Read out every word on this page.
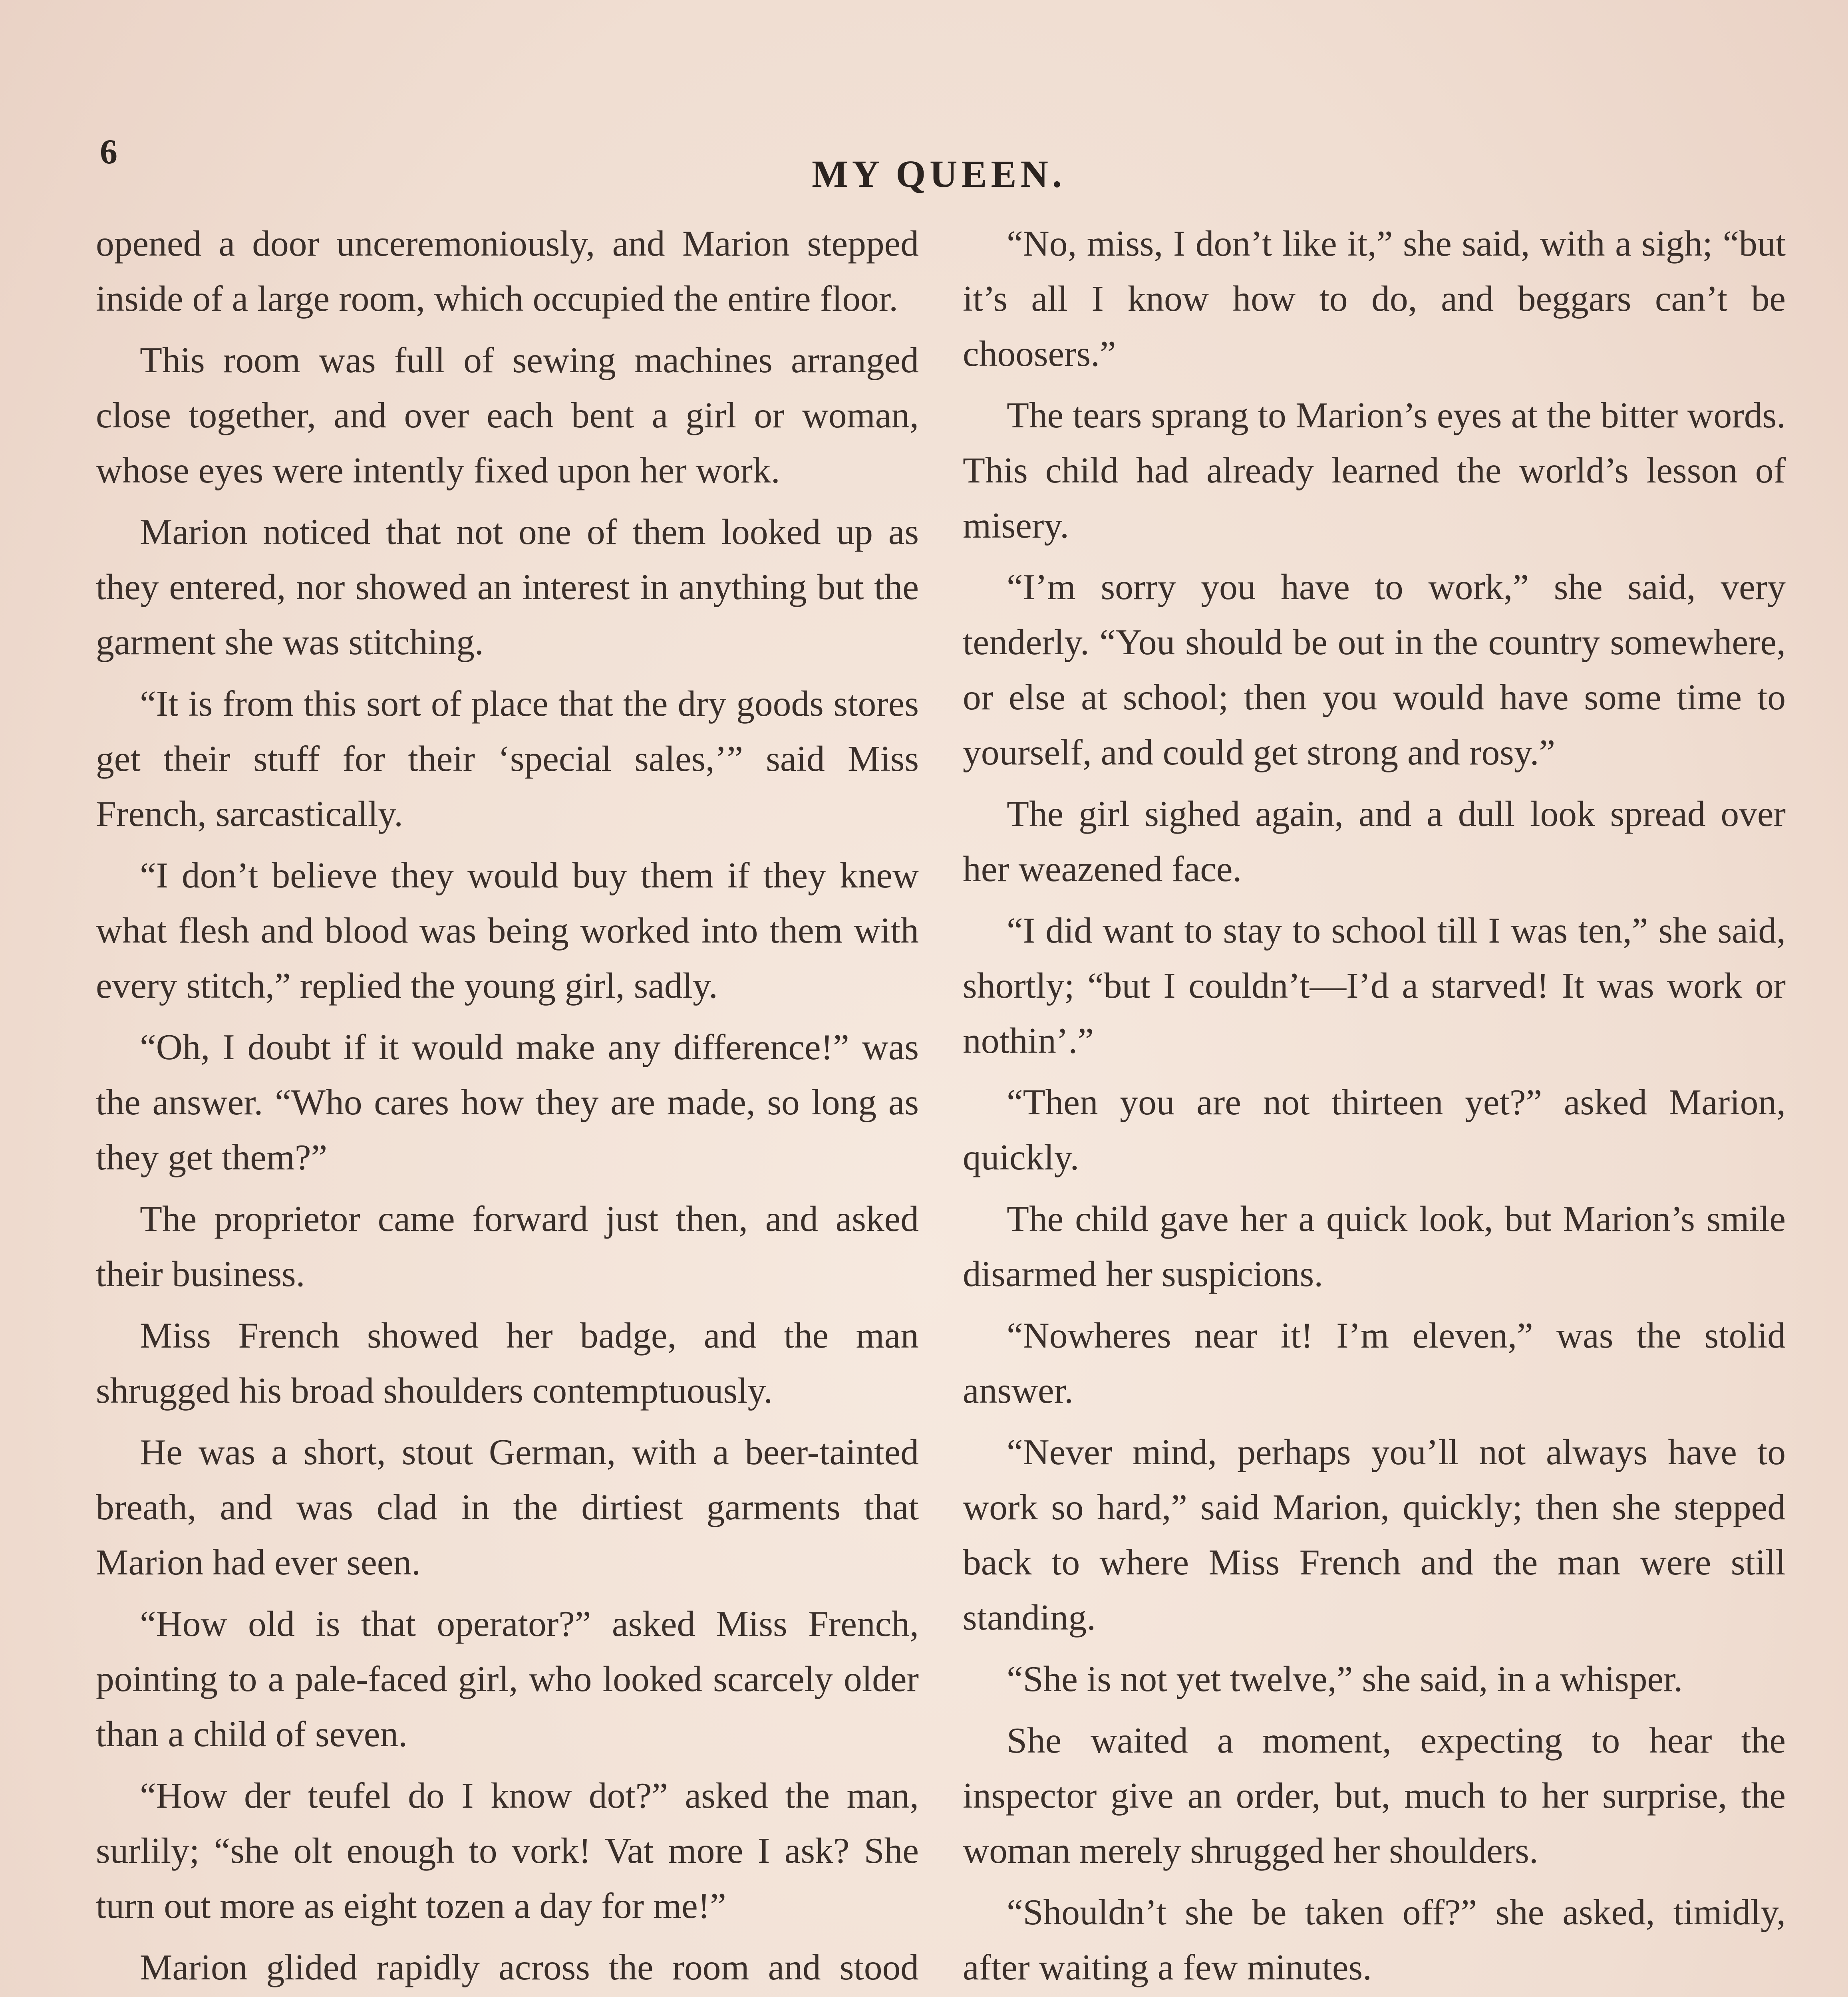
6
MY QUEEN.

opened a door unceremoniously, and Marion stepped inside of a large room, which occupied the entire floor.

This room was full of sewing machines arranged close together, and over each bent a girl or woman, whose eyes were intently fixed upon her work.

Marion noticed that not one of them looked up as they entered, nor showed an interest in anything but the garment she was stitching.

“It is from this sort of place that the dry goods stores get their stuff for their ‘special sales,’” said Miss French, sarcastically.

“I don’t believe they would buy them if they knew what flesh and blood was being worked into them with every stitch,” replied the young girl, sadly.

“Oh, I doubt if it would make any difference!” was the answer. “Who cares how they are made, so long as they get them?”

The proprietor came forward just then, and asked their business.

Miss French showed her badge, and the man shrugged his broad shoulders contemptuously.

He was a short, stout German, with a beer-tainted breath, and was clad in the dirtiest garments that Marion had ever seen.

“How old is that operator?” asked Miss French, pointing to a pale-faced girl, who looked scarcely older than a child of seven.

“How der teufel do I know dot?” asked the man, surlily; “she olt enough to vork! Vat more I ask? She turn out more as eight tozen a day for me!”

Marion glided rapidly across the room and stood

“No, miss, I don’t like it,” she said, with a sigh; “but it’s all I know how to do, and beggars can’t be choosers.”

The tears sprang to Marion’s eyes at the bitter words. This child had already learned the world’s lesson of misery.

“I’m sorry you have to work,” she said, very tenderly. “You should be out in the country somewhere, or else at school; then you would have some time to yourself, and could get strong and rosy.”

The girl sighed again, and a dull look spread over her weazened face.

“I did want to stay to school till I was ten,” she said, shortly; “but I couldn’t—I’d a starved! It was work or nothin’.”

“Then you are not thirteen yet?” asked Marion, quickly.

The child gave her a quick look, but Marion’s smile disarmed her suspicions.

“Nowheres near it! I’m eleven,” was the stolid answer.

“Never mind, perhaps you’ll not always have to work so hard,” said Marion, quickly; then she stepped back to where Miss French and the man were still standing.

“She is not yet twelve,” she said, in a whisper.

She waited a moment, expecting to hear the inspector give an order, but, much to her surprise, the woman merely shrugged her shoulders.

“Shouldn’t she be taken off?” she asked, timidly, after waiting a few minutes.
